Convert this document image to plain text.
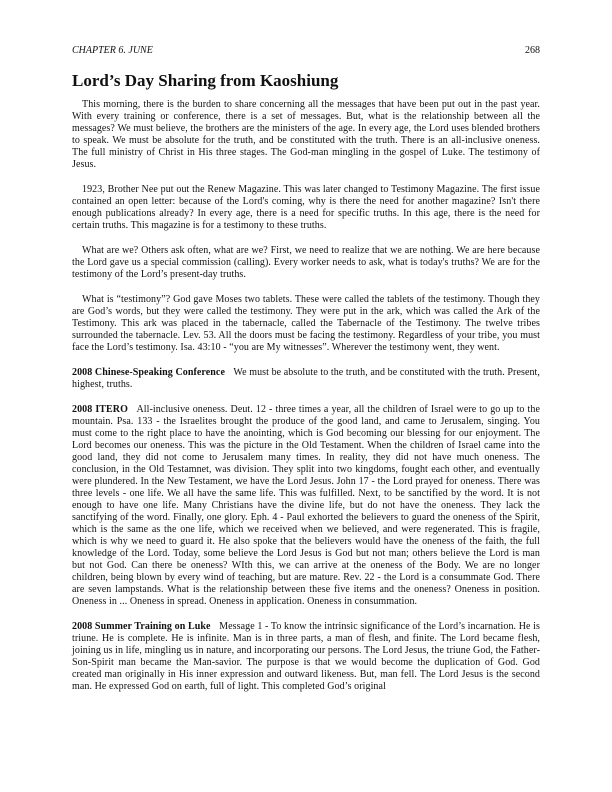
CHAPTER 6. JUNE	268
Lord’s Day Sharing from Kaoshiung

This morning, there is the burden to share concerning all the messages that have been put out in the past year. With every training or conference, there is a set of messages. But, what is the relationship between all the messages? We must believe, the brothers are the ministers of the age. In every age, the Lord uses blended brothers to speak. We must be absolute for the truth, and be constituted with the truth. There is an all-inclusive oneness. The full ministry of Christ in His three stages. The God-man mingling in the gospel of Luke. The testimony of Jesus.

1923, Brother Nee put out the Renew Magazine. This was later changed to Testimony Magazine. The first issue contained an open letter: because of the Lord's coming, why is there the need for another magazine? Isn't there enough publications already? In every age, there is a need for specific truths. In this age, there is the need for certain truths. This magazine is for a testimony to these truths.

What are we? Others ask often, what are we? First, we need to realize that we are nothing. We are here because the Lord gave us a special commission (calling). Every worker needs to ask, what is today's truths? We are for the testimony of the Lord’s present-day truths.

What is “testimony”? God gave Moses two tablets. These were called the tablets of the testimony. Though they are God’s words, but they were called the testimony. They were put in the ark, which was called the Ark of the Testimony. This ark was placed in the tabernacle, called the Tabernacle of the Testimony. The twelve tribes surrounded the tabernacle. Lev. 53. All the doors must be facing the testimony. Regardless of your tribe, you must face the Lord’s testimony. Isa. 43:10 - “you are My witnesses”. Wherever the testimony went, they went.

2008 Chinese-Speaking Conference We must be absolute to the truth, and be constituted with the truth. Present, highest, truths.

2008 ITERO All-inclusive oneness. Deut. 12 - three times a year, all the children of Israel were to go up to the mountain. Psa. 133 - the Israelites brought the produce of the good land, and came to Jerusalem, singing. You must come to the right place to have the anointing, which is God becoming our blessing for our enjoyment. The Lord becomes our oneness. This was the picture in the Old Testament. When the children of Israel came into the good land, they did not come to Jerusalem many times. In reality, they did not have much oneness. The conclusion, in the Old Testamnet, was division. They split into two kingdoms, fought each other, and eventually were plundered. In the New Testament, we have the Lord Jesus. John 17 - the Lord prayed for oneness. There was three levels - one life. We all have the same life. This was fulfilled. Next, to be sanctified by the word. It is not enough to have one life. Many Christians have the divine life, but do not have the oneness. They lack the sanctifying of the word. Finally, one glory. Eph. 4 - Paul exhorted the believers to guard the oneness of the Spirit, which is the same as the one life, which we received when we believed, and were regenerated. This is fragile, which is why we need to guard it. He also spoke that the believers would have the oneness of the faith, the full knowledge of the Lord. Today, some believe the Lord Jesus is God but not man; others believe the Lord is man but not God. Can there be oneness? WIth this, we can arrive at the oneness of the Body. We are no longer children, being blown by every wind of teaching, but are mature. Rev. 22 - the Lord is a consummate God. There are seven lampstands. What is the relationship between these five items and the oneness? Oneness in position. Oneness in ... Oneness in spread. Oneness in application. Oneness in consummation.

2008 Summer Training on Luke Message 1 - To know the intrinsic significance of the Lord’s incarnation. He is triune. He is complete. He is infinite. Man is in three parts, a man of flesh, and finite. The Lord became flesh, joining us in life, mingling us in nature, and incorporating our persons. The Lord Jesus, the triune God, the Father-Son-Spirit man became the Man-savior. The purpose is that we would become the duplication of God. God created man originally in His inner expression and outward likeness. But, man fell. The Lord Jesus is the second man. He expressed God on earth, full of light. This completed God’s original
